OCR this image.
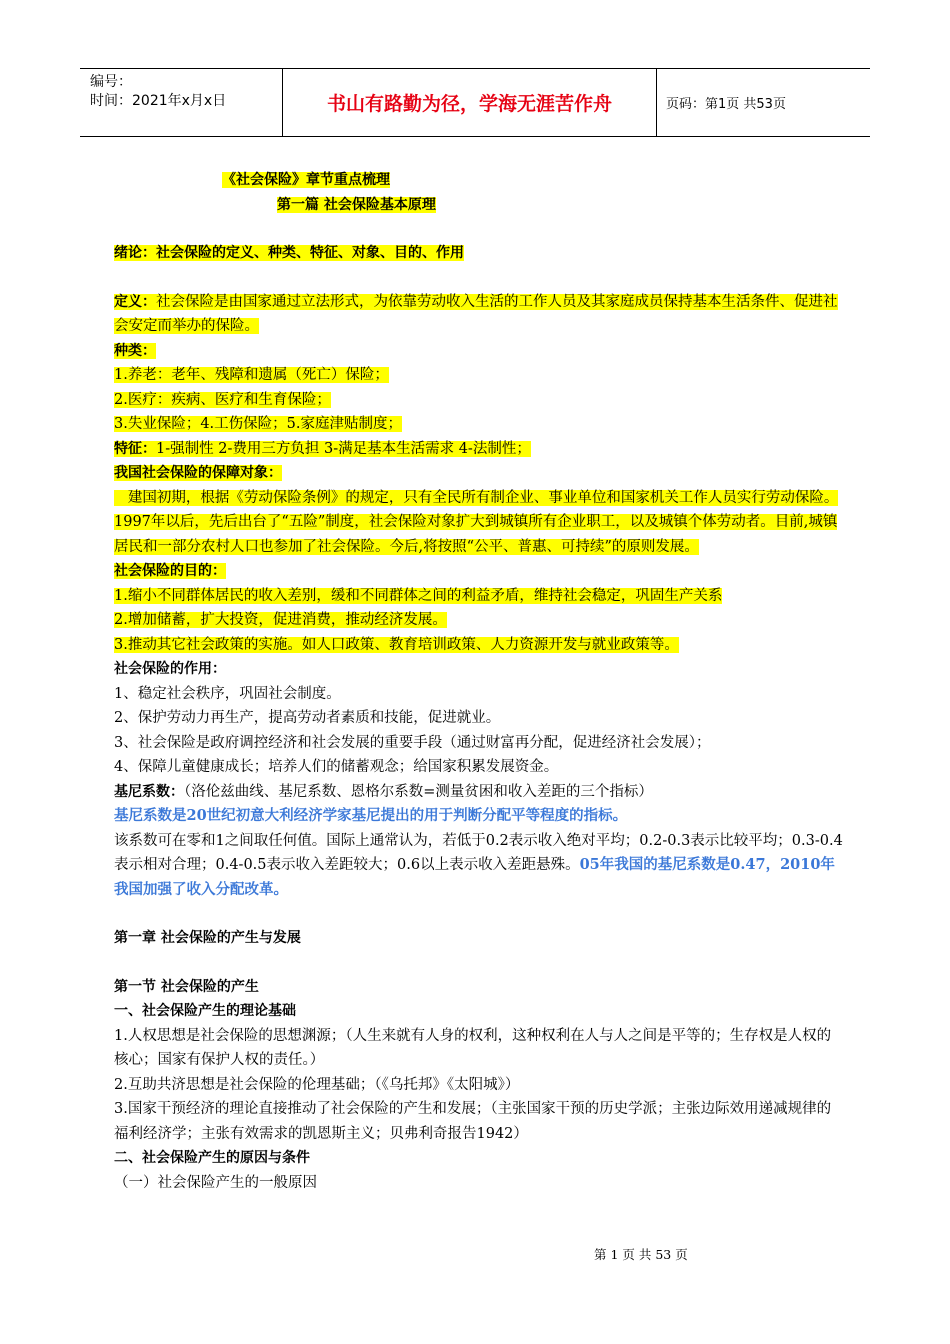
编号：
时间：2021年x月x日	书山有路勤为径，学海无涯苦作舟	页码：第1页 共53页
《社会保险》章节重点梳理
第一篇 社会保险基本原理
绪论：社会保险的定义、种类、特征、对象、目的、作用
定义：社会保险是由国家通过立法形式，为依靠劳动收入生活的工作人员及其家庭成员保持基本生活条件、促进社会安定而举办的保险。
种类：
1.养老：老年、残障和遗属（死亡）保险；
2.医疗：疾病、医疗和生育保险；
3.失业保险；4.工伤保险；5.家庭津贴制度；
特征：1-强制性 2-费用三方负担 3-满足基本生活需求 4-法制性；
我国社会保险的保障对象：
建国初期，根据《劳动保险条例》的规定，只有全民所有制企业、事业单位和国家机关工作人员实行劳动保险。1997年以后，先后出台了“五险”制度，社会保险对象扩大到城镇所有企业职工，以及城镇个体劳动者。目前,城镇居民和一部分农村人口也参加了社会保险。今后,将按照“公平、普惠、可持续”的原则发展。
社会保险的目的：
1.缩小不同群体居民的收入差别，缓和不同群体之间的利益矛盾，维持社会稳定，巩固生产关系
2.增加储蓄，扩大投资，促进消费，推动经济发展。
3.推动其它社会政策的实施。如人口政策、教育培训政策、人力资源开发与就业政策等。
社会保险的作用：
1、稳定社会秩序，巩固社会制度。
2、保护劳动力再生产，提高劳动者素质和技能，促进就业。
3、社会保险是政府调控经济和社会发展的重要手段（通过财富再分配，促进经济社会发展）；
4、保障儿童健康成长；培养人们的储蓄观念；给国家积累发展资金。
基尼系数：（洛伦兹曲线、基尼系数、恩格尔系数=测量贫困和收入差距的三个指标）
基尼系数是20世纪初意大利经济学家基尼提出的用于判断分配平等程度的指标。
该系数可在零和1之间取任何值。国际上通常认为，若低于0.2表示收入绝对平均；0.2-0.3表示比较平均；0.3-0.4表示相对合理；0.4-0.5表示收入差距较大；0.6以上表示收入差距悬殊。05年我国的基尼系数是0.47，2010年我国加强了收入分配改革。
第一章 社会保险的产生与发展
第一节 社会保险的产生
一、社会保险产生的理论基础
1.人权思想是社会保险的思想渊源；（人生来就有人身的权利，这种权利在人与人之间是平等的；生存权是人权的核心；国家有保护人权的责任。）
2.互助共济思想是社会保险的伦理基础；（《乌托邦》《太阳城》）
3.国家干预经济的理论直接推动了社会保险的产生和发展；（主张国家干预的历史学派；主张边际效用递减规律的福利经济学；主张有效需求的凯恩斯主义；贝弗利奇报告1942）
二、社会保险产生的原因与条件
（一）社会保险产生的一般原因
第 1 页 共 53 页
